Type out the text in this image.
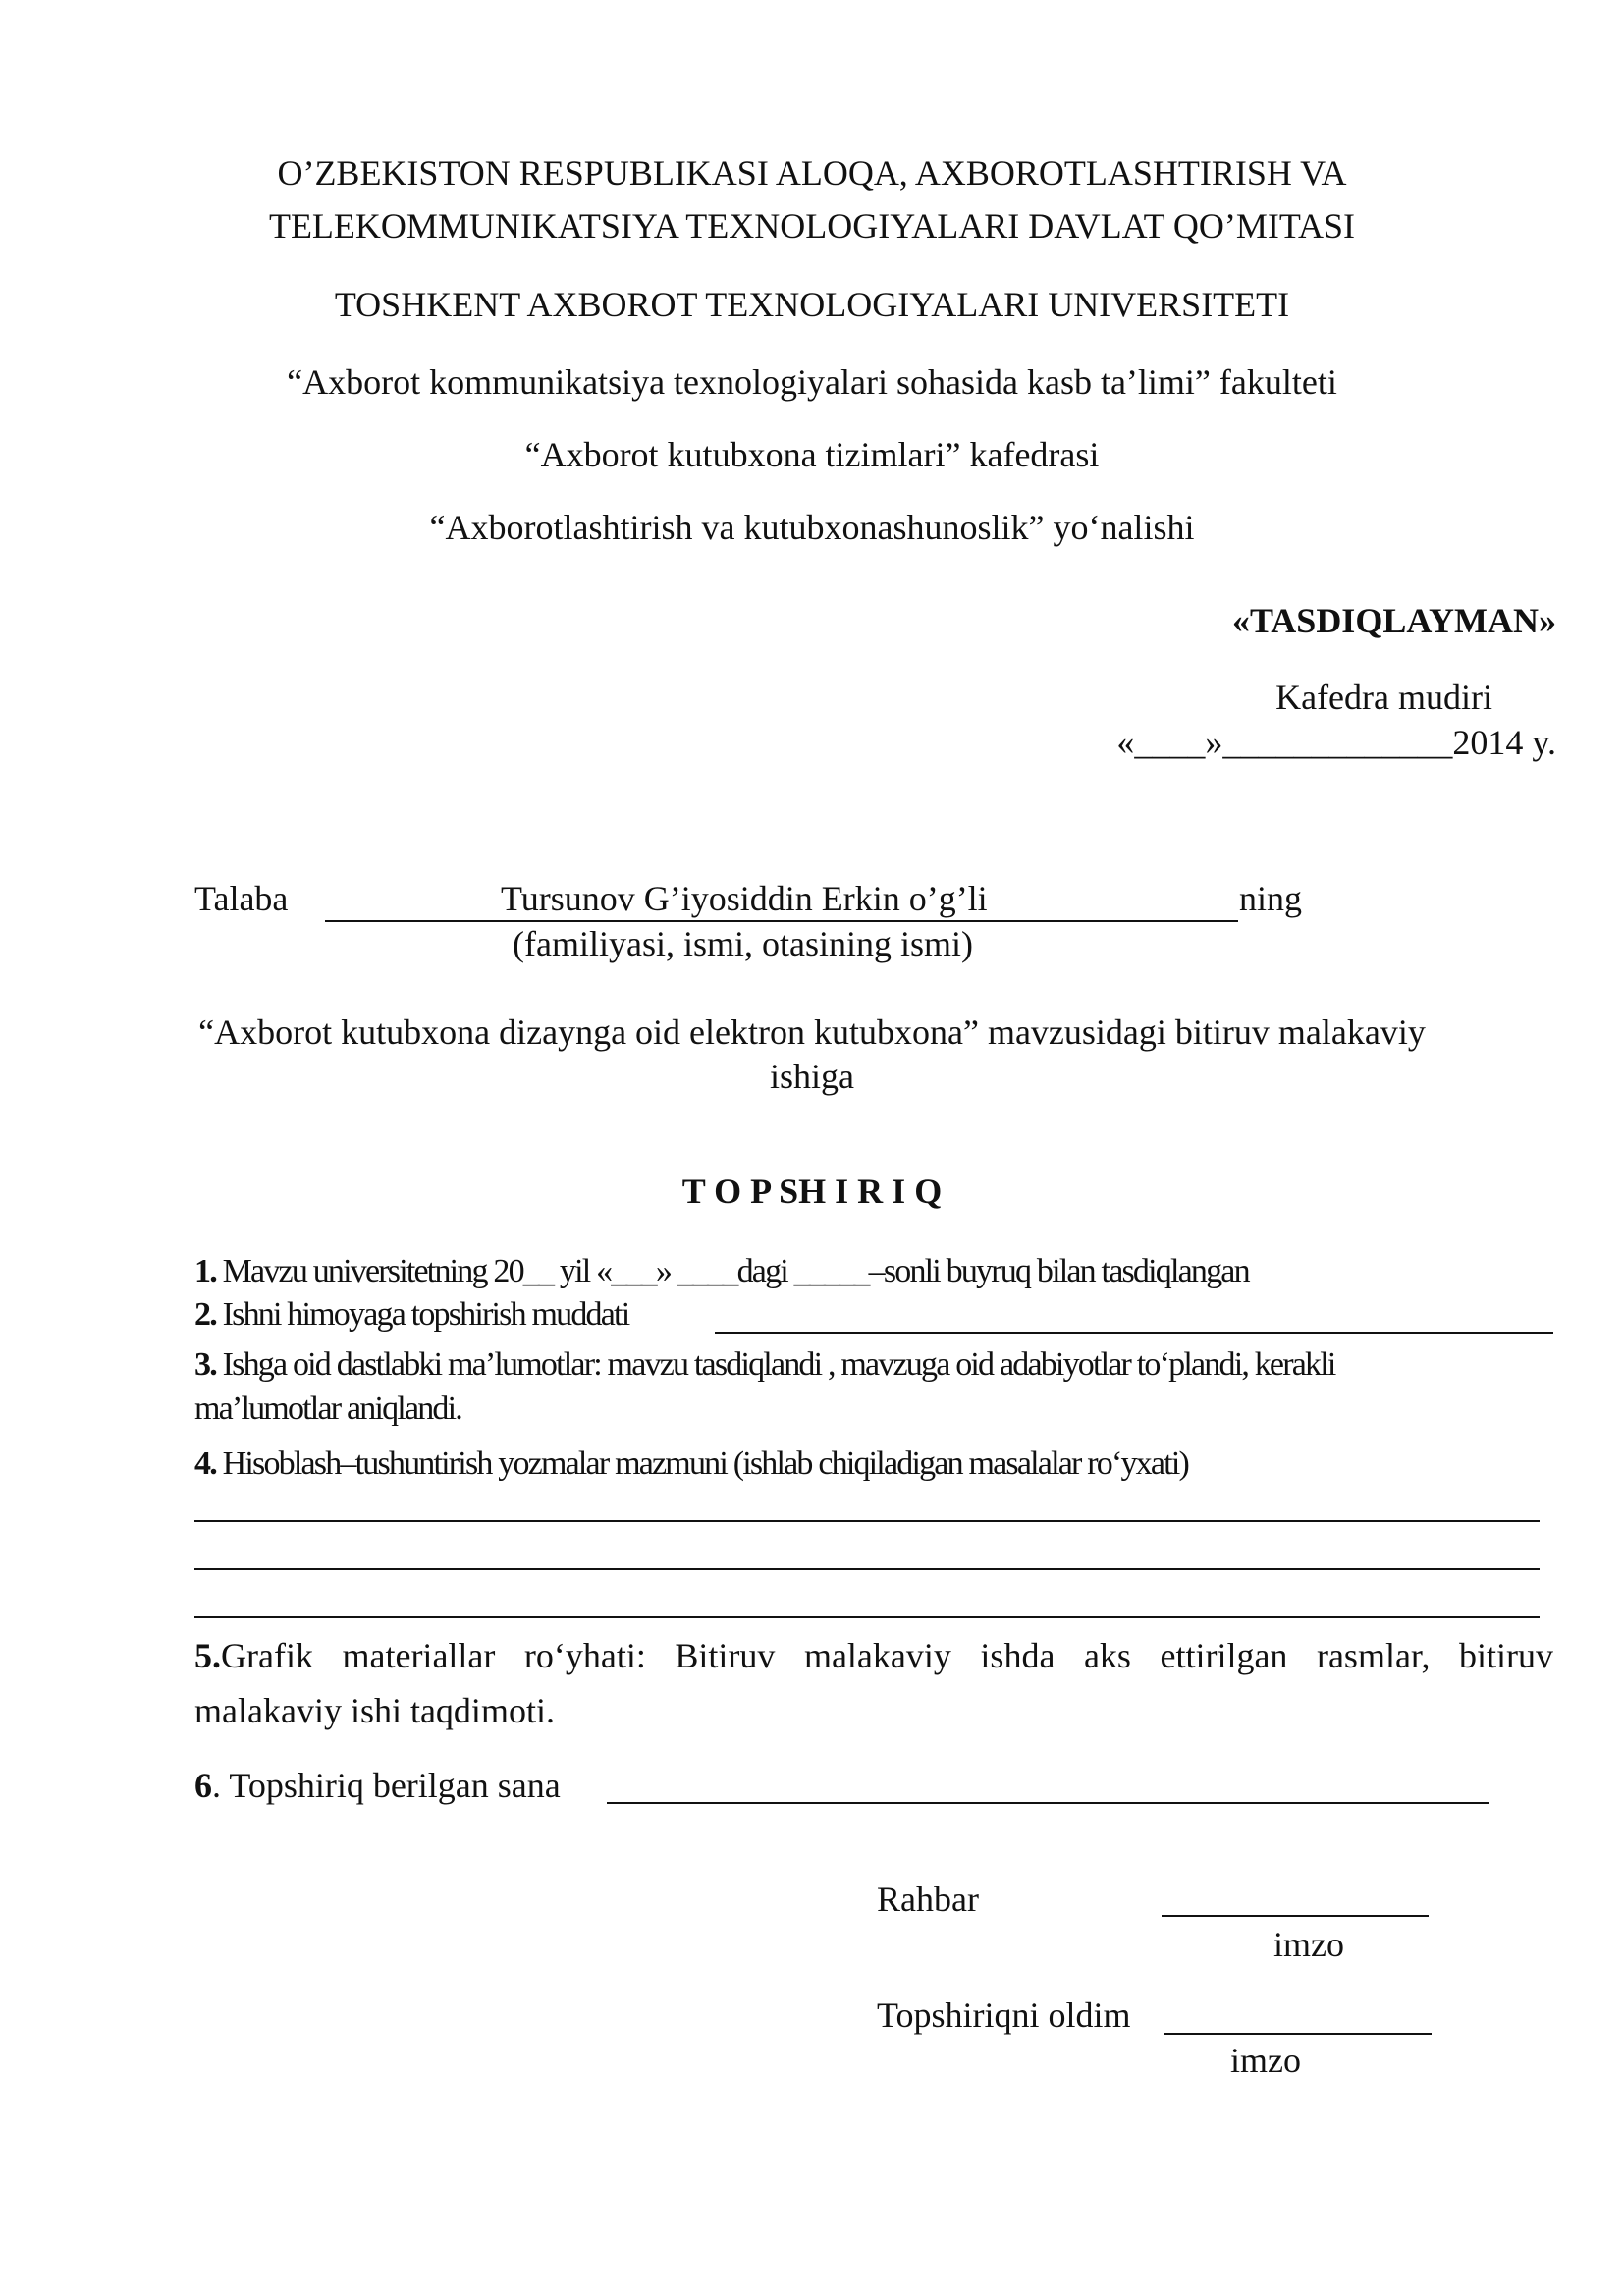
O’ZBEKISTON RESPUBLIKASI ALOQA, AXBOROTLASHTIRISH VA
TELEKOMMUNIKATSIYA TEXNOLOGIYALARI DAVLAT QO’MITASI
TOSHKENT AXBOROT TEXNOLOGIYALARI UNIVERSITETI
“Axborot kommunikatsiya texnologiyalari sohasida kasb ta’limi” fakulteti
“Axborot kutubxona tizimlari” kafedrasi
“Axborotlashtirish va kutubxonashunoslik” yo‘nalishi
«TASDIQLAYMAN»
Kafedra mudiri
«____»_____________2014 y.
Talaba	Tursunov G’iyosiddin Erkin o’g’li	ning
(familiyasi, ismi, otasining ismi)
“Axborot kutubxona dizaynga oid elektron kutubxona” mavzusidagi bitiruv malakaviy
ishiga
T O P SH I R I Q
1. Mavzu universitetning 20__ yil «___» ____dagi _____–sonli buyruq bilan tasdiqlangan
2. Ishni himoyaga topshirish muddati
3. Ishga oid dastlabki ma’lumotlar: mavzu tasdiqlandi , mavzuga oid adabiyotlar to‘plandi, kerakli
ma’lumotlar aniqlandi.
4. Hisoblash–tushuntirish yozmalar mazmuni (ishlab chiqiladigan masalalar ro‘yxati)
5.Grafik materiallar ro‘yhati: Bitiruv malakaviy ishda aks ettirilgan rasmlar, bitiruv
malakaviy ishi taqdimoti.
6. Topshiriq berilgan sana
Rahbar
imzo
Topshiriqni oldim
imzo
